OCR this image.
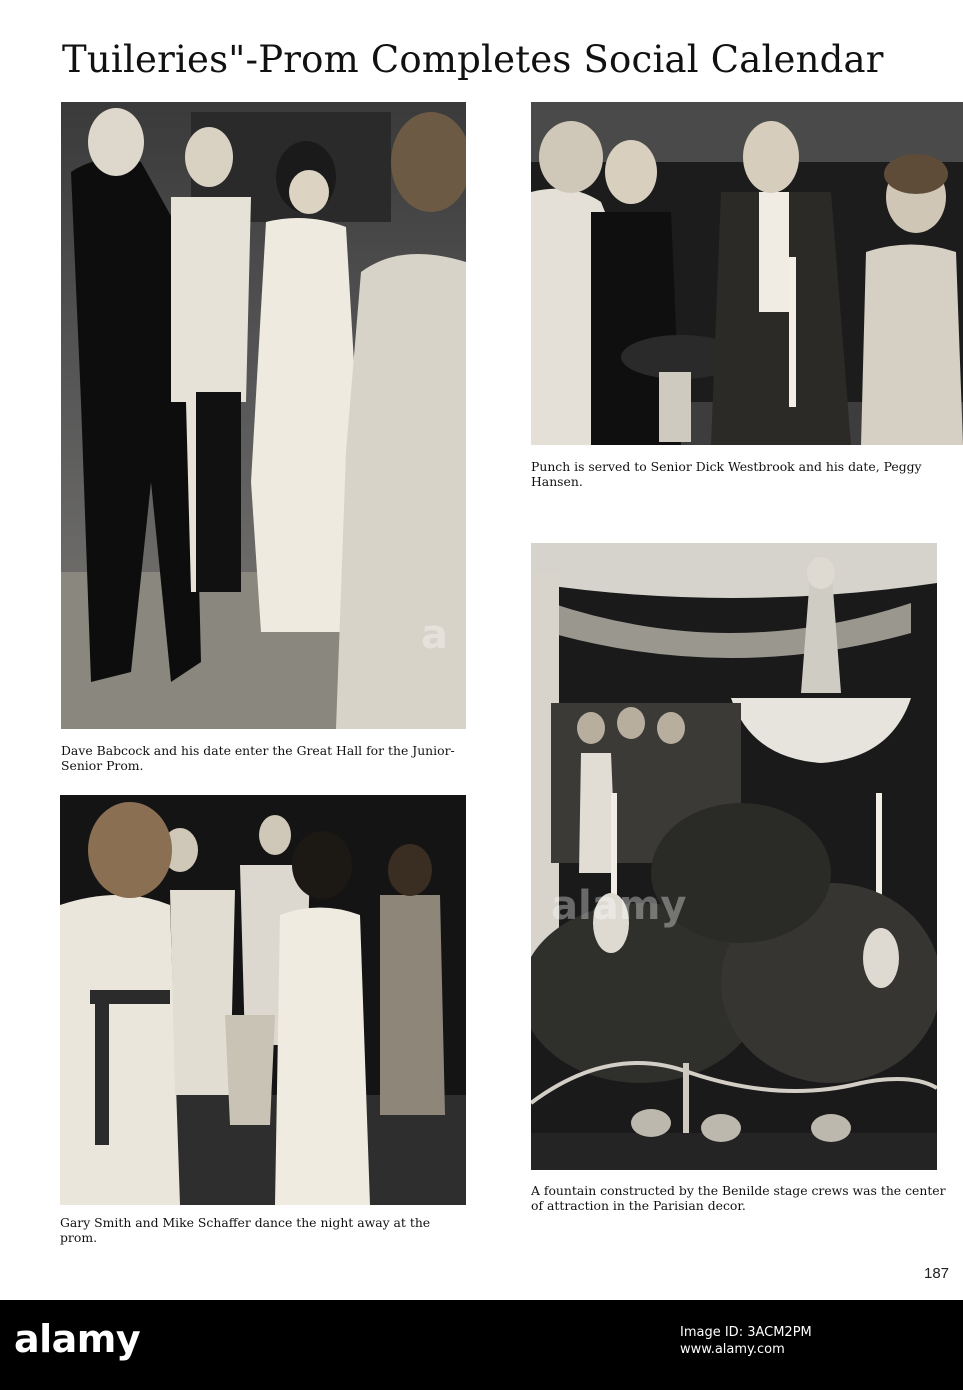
Tuileries"-Prom Completes Social Calendar
a
Dave Babcock and his date enter the Great Hall for the Junior-Senior Prom.
Punch is served to Senior Dick Westbrook and his date, Peggy Hansen.
Gary Smith and Mike Schaffer dance the night away at the prom.
alamy
A fountain constructed by the Benilde stage crews was the center of attraction in the Parisian decor.
187
alamy	Image ID: 3ACM2PM
www.alamy.com
